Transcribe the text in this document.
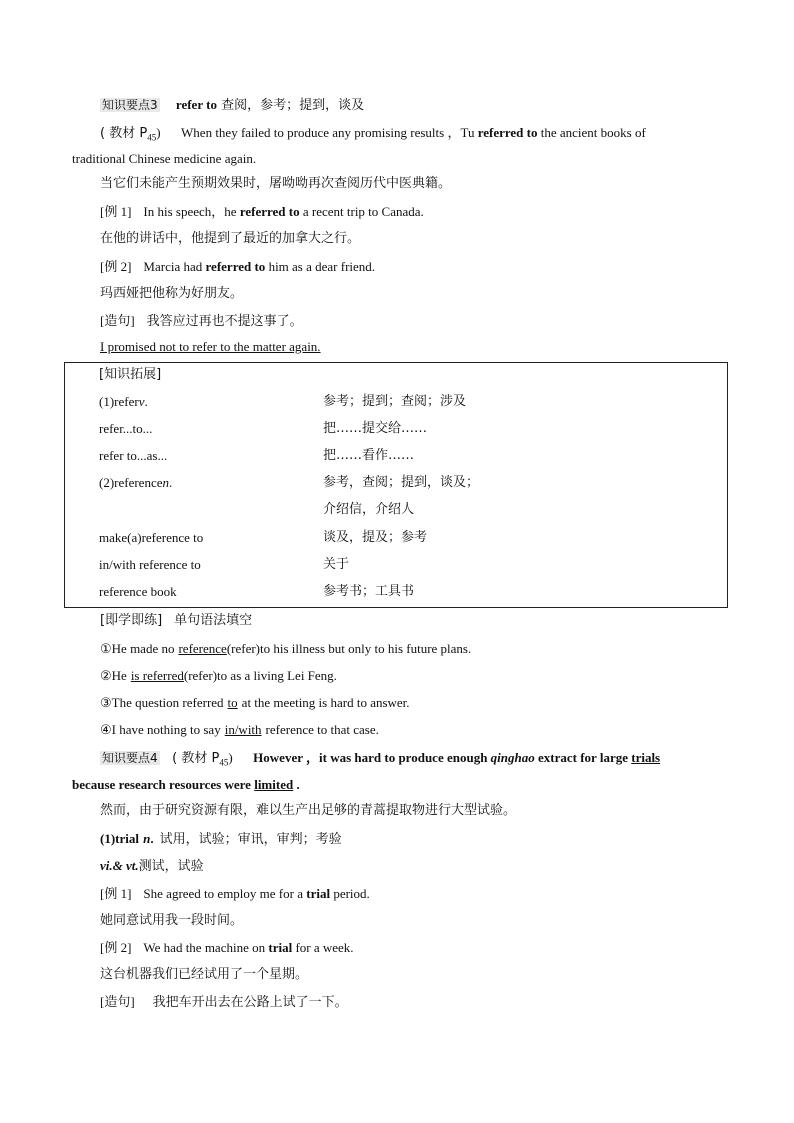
知识要点3 refer to 查阅，参考；提到，谈及
( 教材 $P_{45}$) When they failed to produce any promising results ，Tu referred to the ancient books of
traditional Chinese medicine again.
当它们未能产生预期效果时，屠呦呦再次查阅历代中医典籍。
[例 1] In his speech，he referred to a recent trip to Canada.
在他的讲话中，他提到了最近的加拿大之行。
[例 2] Marcia had referred to him as a dear friend.
玛西娅把他称为好朋友。
[造句] 我答应过再也不提这事了。
I promised not to refer to the matter again.
[知识拓展]
(1)referv.	参考；提到；查阅；涉及
refer...to...	把……提交给……
refer to...as...	把……看作……
(2)referencen.	参考，查阅；提到，谈及；
介绍信，介绍人
make(a)reference to	谈及，提及；参考
in/with reference to	关于
reference book	参考书；工具书
[即学即练] 单句语法填空
①He made no reference(refer)to his illness but only to his future plans.
②He is referred(refer)to as a living Lei Feng.
③The question referred to at the meeting is hard to answer.
④I have nothing to say in/with reference to that case.
知识要点4 ( 教材 $P_{45}$) However ，it was hard to produce enough qinghao extract for large trials
because research resources were limited .
然而，由于研究资源有限，难以生产出足够的青蒿提取物进行大型试验。
(1)trial n. 试用，试验；审讯，审判；考验
vi.& vt.测试，试验
[例 1] She agreed to employ me for a trial period.
她同意试用我一段时间。
[例 2] We had the machine on trial for a week.
这台机器我们已经试用了一个星期。
[造句] 我把车开出去在公路上试了一下。
